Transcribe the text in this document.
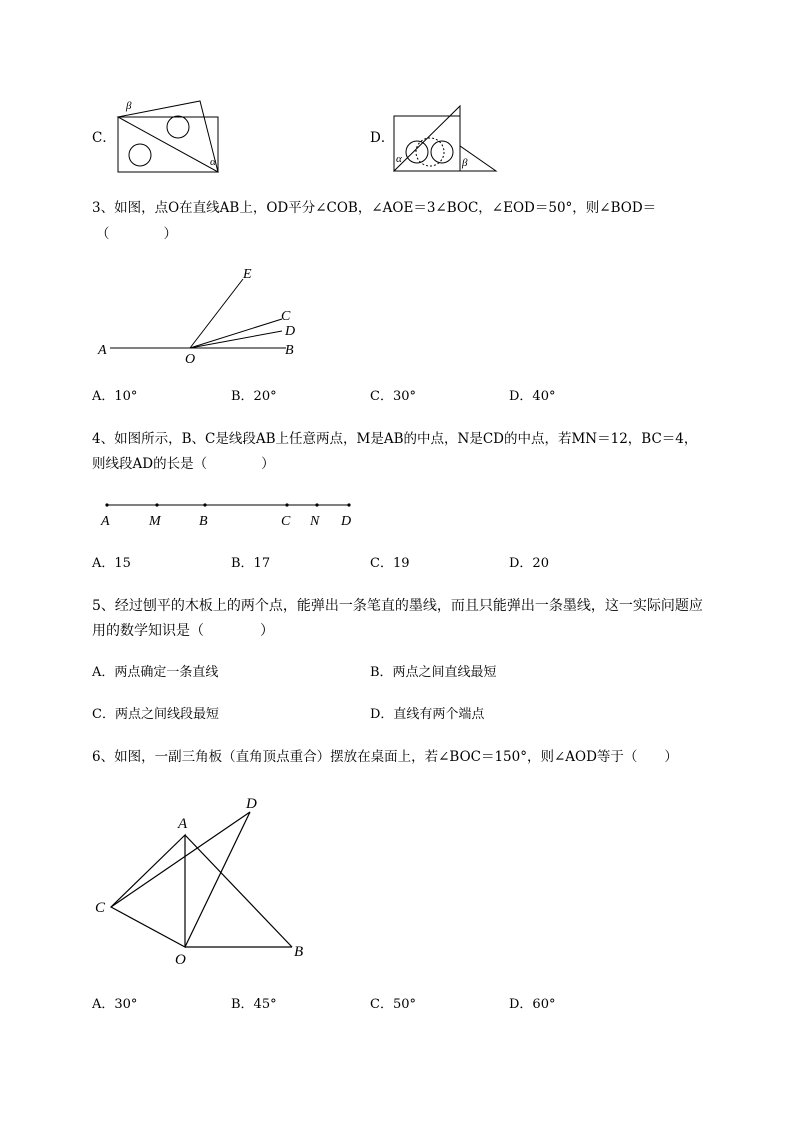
C．
β
α
D．
α	β
3、如图，点O在直线AB上，OD平分∠COB，∠AOE＝3∠BOC，∠EOD＝50°，则∠BOD＝
（　　　　）
A
O
B
C
D
E
A．10°	B．20°	C．30°	D．40°
4、如图所示，B、C是线段AB上任意两点，M是AB的中点，N是CD的中点，若MN＝12，BC＝4，
则线段AD的长是（　　　　）
A	M	B	C N D
A．15	B．17	C．19	D．20
5、经过刨平的木板上的两个点，能弹出一条笔直的墨线，而且只能弹出一条墨线，这一实际问题应
用的数学知识是（　　　　）
A．两点确定一条直线	B．两点之间直线最短
C．两点之间线段最短	D．直线有两个端点
6、如图，一副三角板（直角顶点重合）摆放在桌面上，若∠BOC＝150°，则∠AOD等于（　　）
A
D
C
O	B
A．30°	B．45°	C．50°	D．60°
